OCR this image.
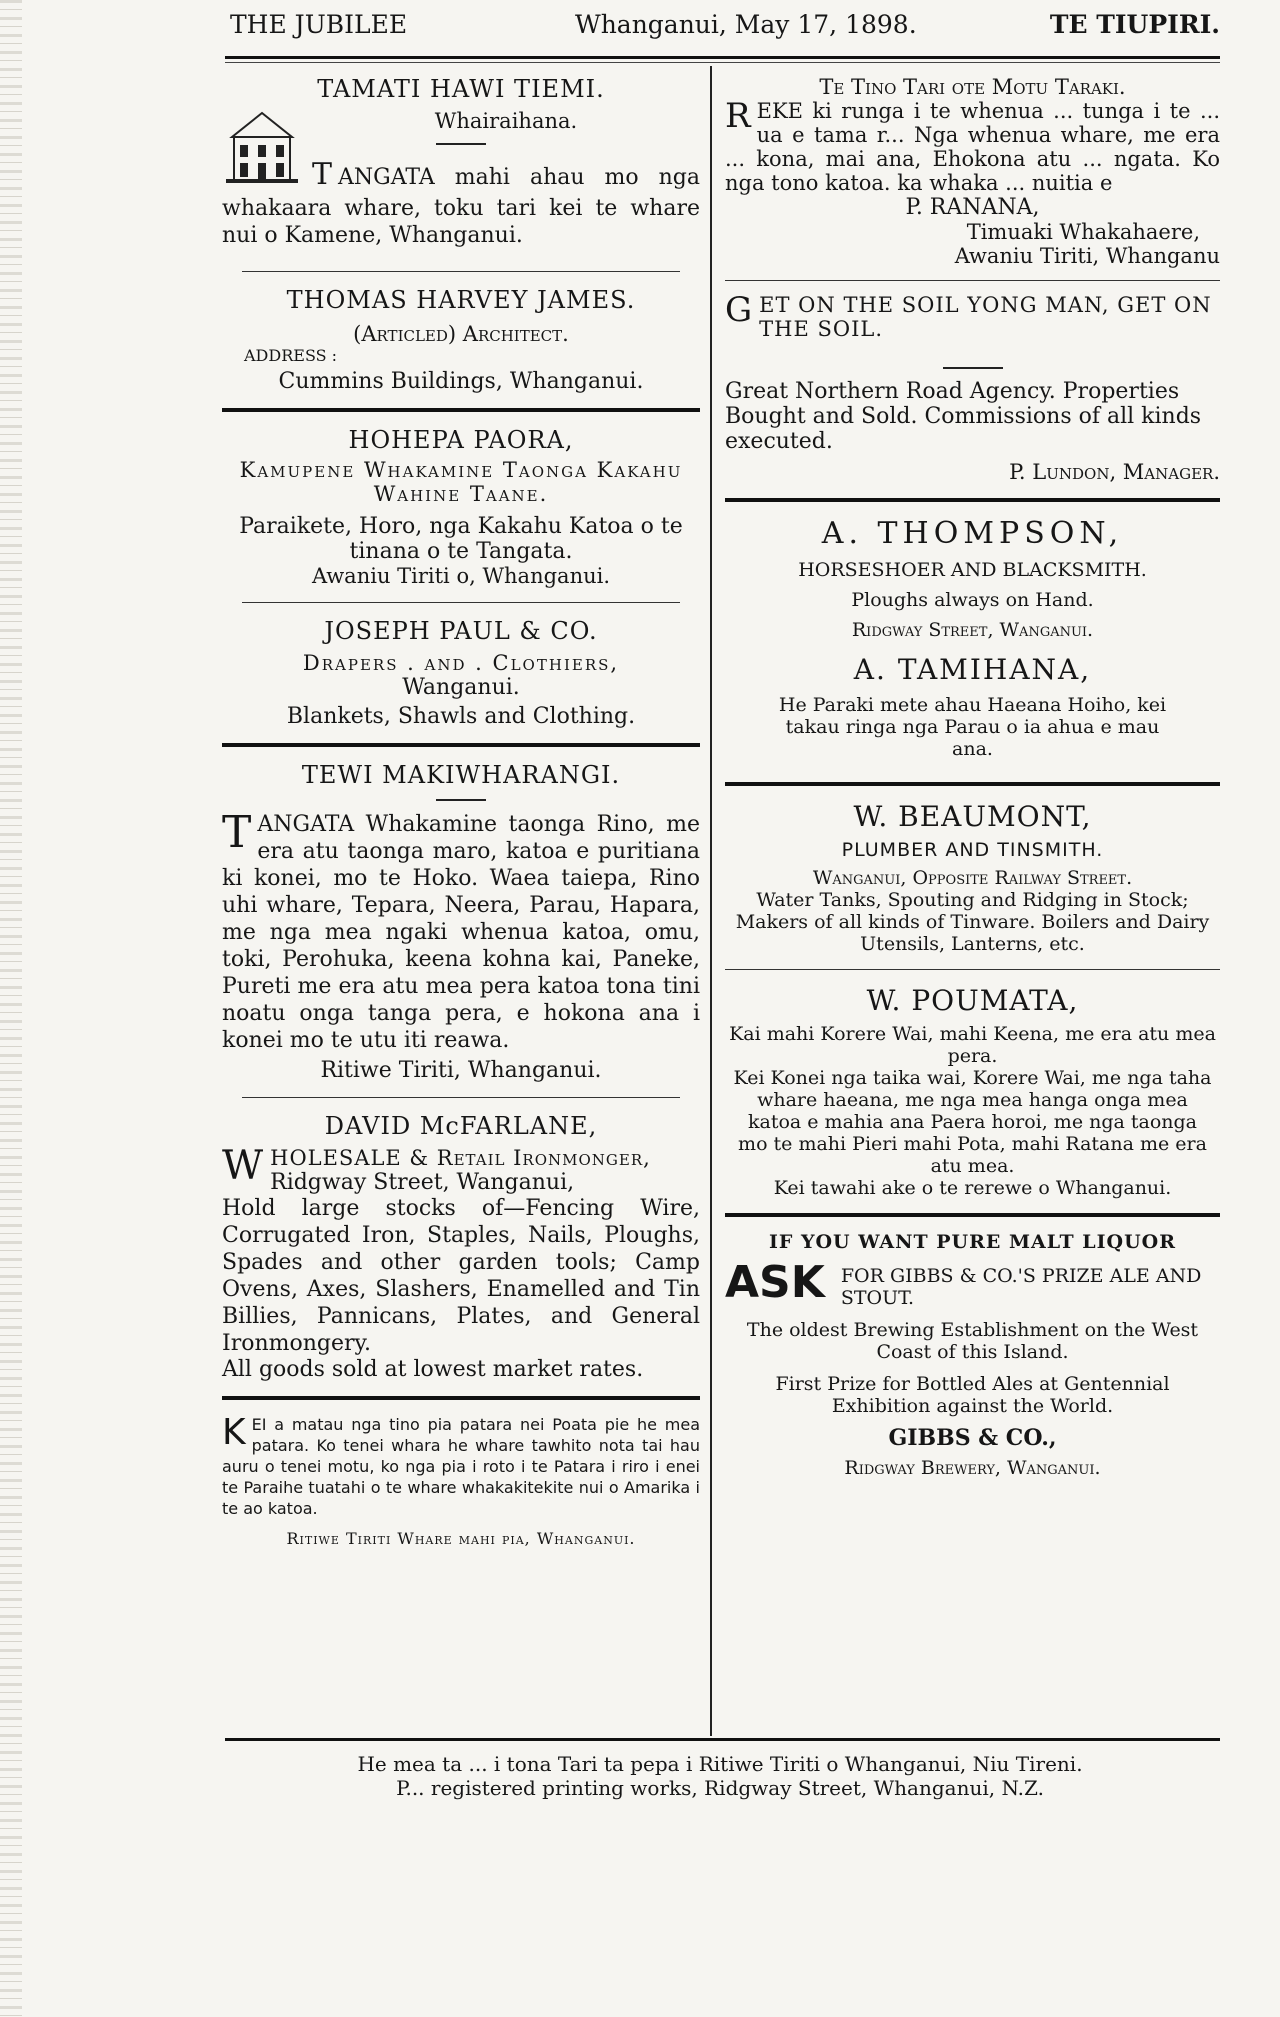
THE JUBILEE	Whanganui, May 17, 1898.	TE TIUPIRI.

TAMATI HAWI TIEMI.

Whairaihana.

T ANGATA mahi ahau mo nga whakaara whare, toku tari kei te whare nui o Kamene, Whanganui.

THOMAS HARVEY JAMES.

(Articled) Architect.

ADDRESS :

Cummins Buildings, Whanganui.

HOHEPA PAORA,

Kamupene Whakamine Taonga Kakahu

Wahine Taane.

Paraikete, Horo, nga Kakahu Katoa o te tinana o te Tangata.

Awaniu Tiriti o, Whanganui.

JOSEPH PAUL & CO.

Drapers . and . Clothiers,

Wanganui.

Blankets, Shawls and Clothing.

TEWI MAKIWHARANGI.

TANGATA Whakamine taonga Rino, me era atu taonga maro, katoa e puritiana ki konei, mo te Hoko. Waea taiepa, Rino uhi whare, Tepara, Neera, Parau, Hapara, me nga mea ngaki whenua katoa, omu, toki, Perohuka, keena kohna kai, Paneke, Pureti me era atu mea pera katoa tona tini noatu onga tanga pera, e hokona ana i konei mo te utu iti reawa.

Ritiwe Tiriti, Whanganui.

DAVID McFARLANE,

WHOLESALE & Retail Ironmonger,

Ridgway Street, Wanganui,

Hold large stocks of—Fencing Wire, Corrugated Iron, Staples, Nails, Ploughs, Spades and other garden tools; Camp Ovens, Axes, Slashers, Enamelled and Tin Billies, Pannicans, Plates, and General Ironmongery.

All goods sold at lowest market rates.

KEI a matau nga tino pia patara nei Poata pie he mea patara. Ko tenei whara he whare tawhito nota tai hau auru o tenei motu, ko nga pia i roto i te Patara i riro i enei te Paraihe tuatahi o te whare whakakitekite nui o Amarika i te ao katoa.

Ritiwe Tiriti Whare mahi pia, Whanganui.

Te Tino Tari ote Motu Taraki.

REKE ki runga i te whenua ... tunga i te ... ua e tama r... Nga whenua whare, me era ... kona, mai ana, Ehokona atu ... ngata. Ko nga tono katoa. ka whaka ... nuitia e

P. RANANA,

Timuaki Whakahaere,

Awaniu Tiriti, Whanganu

GET ON THE SOIL YONG MAN, GET ON THE SOIL.

Great Northern Road Agency. Properties Bought and Sold. Commissions of all kinds executed.

P. Lundon, Manager.

A. THOMPSON,

HORSESHOER AND BLACKSMITH.

Ploughs always on Hand.

Ridgway Street, Wanganui.

A. TAMIHANA,

He Paraki mete ahau Haeana Hoiho, kei takau ringa nga Parau o ia ahua e mau ana.

W. BEAUMONT,

PLUMBER AND TINSMITH.

Wanganui, Opposite Railway Street.

Water Tanks, Spouting and Ridging in Stock;

Makers of all kinds of Tinware. Boilers and Dairy Utensils, Lanterns, etc.

W. POUMATA,

Kai mahi Korere Wai, mahi Keena, me era atu mea pera.

Kei Konei nga taika wai, Korere Wai, me nga taha whare haeana, me nga mea hanga onga mea katoa e mahia ana Paera horoi, me nga taonga mo te mahi Pieri mahi Pota, mahi Ratana me era atu mea.

Kei tawahi ake o te rerewe o Whanganui.

IF YOU WANT PURE MALT LIQUOR

ASK FOR GIBBS & CO.'S PRIZE ALE AND STOUT.

The oldest Brewing Establishment on the West Coast of this Island.

First Prize for Bottled Ales at Gentennial Exhibition against the World.

GIBBS & CO.,

Ridgway Brewery, Wanganui.

He mea ta ... i tona Tari ta pepa i Ritiwe Tiriti o Whanganui, Niu Tireni.

P... registered printing works, Ridgway Street, Whanganui, N.Z.
